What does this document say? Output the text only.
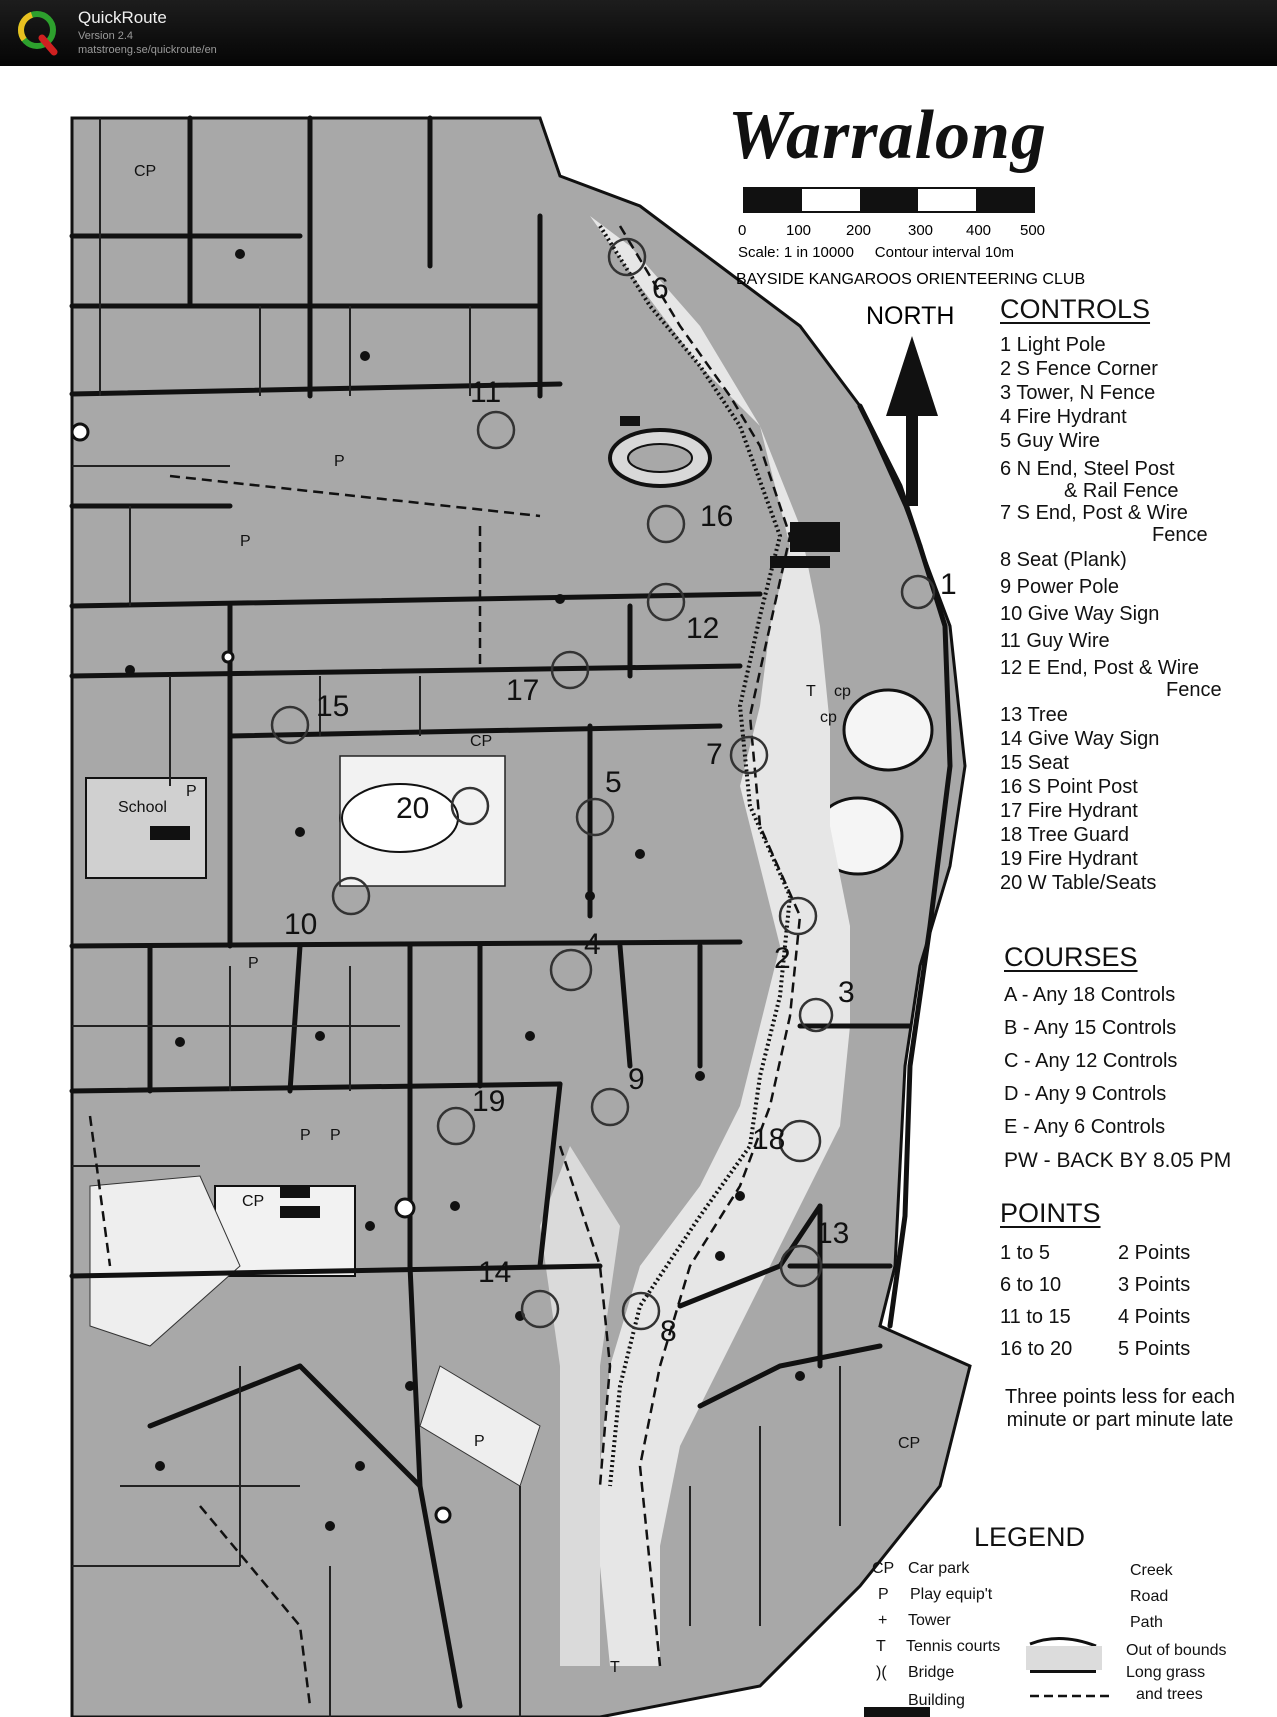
QuickRoute
Version 2.4
matstroeng.se/quickroute/en
1
2
3
4
5
6
7
8
9
10
11
12
13
14
15
16
17
18
19
20
School
CP
CP
CP
CP
P
P
P
P
P
P P
T cp
cp
T
Warralong
0	100 200 300 400 500
Scale: 1 in 10000 Contour interval 10m
BAYSIDE KANGAROOS ORIENTEERING CLUB
NORTH CONTROLS
1 Light Pole
2 S Fence Corner
3 Tower, N Fence
4 Fire Hydrant
5 Guy Wire
6 N End, Steel Post
& Rail Fence
7 S End, Post & Wire
Fence
8 Seat (Plank)
9 Power Pole
10 Give Way Sign
11 Guy Wire
12 E End, Post & Wire
Fence
13 Tree
14 Give Way Sign
15 Seat
16 S Point Post
17 Fire Hydrant
18 Tree Guard
19 Fire Hydrant
20 W Table/Seats
COURSES
A - Any 18 Controls
B - Any 15 Controls
C - Any 12 Controls
D - Any 9 Controls
E - Any 6 Controls
PW - BACK BY 8.05 PM
POINTS
1 to 5	2 Points
6 to 10	3 Points
11 to 15 4 Points
16 to 20 5 Points
Three points less for each
minute or part minute late
LEGEND
CP Car park
P Play equip't
+ Tower
T Tennis courts
)( Bridge
Building
Creek
Road
Path
Out of bounds
Long grass
and trees
